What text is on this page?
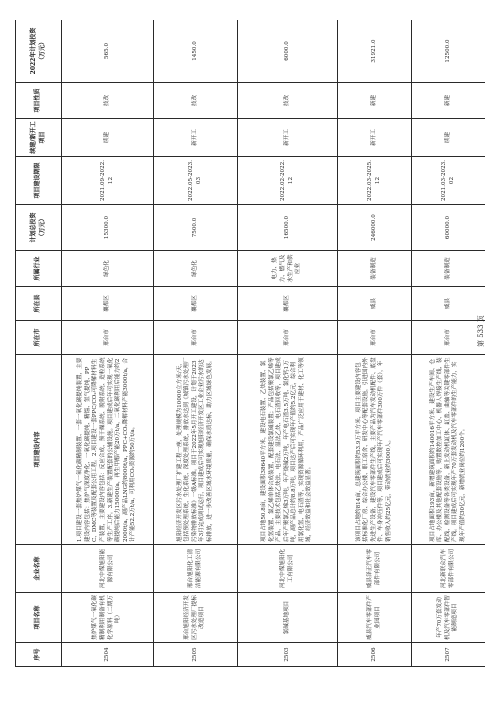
序号	项目名称	企业名称	项目建设内容	所在市	所在县	所属行业	计划总投资（万元）	项目建设期限	续建/新开工项目	项目性质	2022年计划投资（万元）
2504	焦炉煤气一氧化碳精制利用制备有机化学原料（二期万吨）	河北中煤旭阳能源有限公司	1.项目建设一套焦炉煤气一氧化碳精制装置、一套一氧化碳提纯装置，主要建设内容包括：焦炉气深度净化、一氧化碳提纯、精馏、氢气提纯、PPC、DMC等装置及配套公用工程。2.项目建设一套PPC/CO₂可降解材料生产装置，主要建设内容包括：反应合成、预干燥系统、脱附系统、造粒系统等生产工序。3.新建生产装置配套的公辅设施。项目建成后年可实现一氧化碳提纯后能力15000t/a，再生甲醇产能20万t/a，二氧化碳利用后能力约22000t/a，副产品LNG约8000t/a，PPC+CO₂降解材料产能3000t/a，合计产能52.2万t/a，可利用CO₂资源约50万t/a。	邢台市	襄都区	绿色化	15300.0	2021.09-2022.12	续建	技改	565.0
2505	邢台旭阳经济开发区污水处理厂提标改造项目	邢台旭阳化工清洁能源有限公司	旭阳经济开发区污水处理厂扩建工程一座，处理规模为10000立方米/天，包括预处理系统、生化系统、深度处理系统、排放水达到《城镇污水处理厂污染物排放标准》一级A标准。项目于2022年5月开工建设，计划于2023年3月完成调试运行，项目建成后可实现旭阳经济开发区工业企业污水的达标排放，进一步改善区域水环境质量，确保水质达标，助力区域绿色发展。	邢台市	襄都区	绿色化	7500.0	2022.05-2023.03	新开工	技改	1450.0
2503	氯碱基地项目	河北中煤旭阳化工有限公司	项目占地50.8亩，建设面积38640平方米，建设电石装置、乙炔装置、氯化氢装置、氯乙烯单体合成装置，配套建设氯碱装置；产品包括聚氯乙烯等产品，主要技术包括乙炔法、电石法、湿法乙炔、电石渣回收等，项目建成后年产聚氯乙烯3万吨，年产烧碱2万吨，年产电石渣3.5万吨、氯化钙1万吨，副产品总计约8.8万吨，项目达产后可实现年产值约5.2亿元，综合利用氯化氢、电石渣等，实现资源循环利用，产品广泛应用于建材、化工等领域，经济效益和社会效益显著。	邢台市	襄都区	电力、热力、燃气及水生产和供应业	16500.0	2022.02-2022.12	新开工	技改	6000.0
2506	威县汽车零部件产业园项目	威县泽正汽车零部件有限公司	该项目占地约814亩，总建筑面积约53.9万平方米，项目主要建设内容包括标准化厂房、综合办公楼、职工宿舍、研发中心等配套设施，引进国内外先进生产设备，建设汽车零部件生产线，主要产品为汽车发动机配件、底盘件、车身冲压件等，项目建成后可实现年产汽车零部件300万件（套），年销售收入约25亿元，带动就业约3000人。	邢台市	威县	装备制造	246000.0	2022.03-2025.12	新开工	新建	31921.0
2507	年产70万套发动机及汽车零部件智能制造项目	河北新联众汽车零部件有限公司	项目占地面积193亩，新增建筑面积约140016平方米，建设生产车间、仓库、办公楼及其他配套设施等，购置数控加工中心、机器人焊接生产线、装配线、检测设备等各类设备，新上发动机缸体、缸盖、曲轴等关键零部件生产线。项目建成后可实现年产70万套发动机及汽车零部件的生产能力，实现年产值约30亿元，新增就业岗位约1200个。	邢台市	威县	装备制造	60000.0	2021.03-2023.02	续建	新建	12500.0
第 533 页
